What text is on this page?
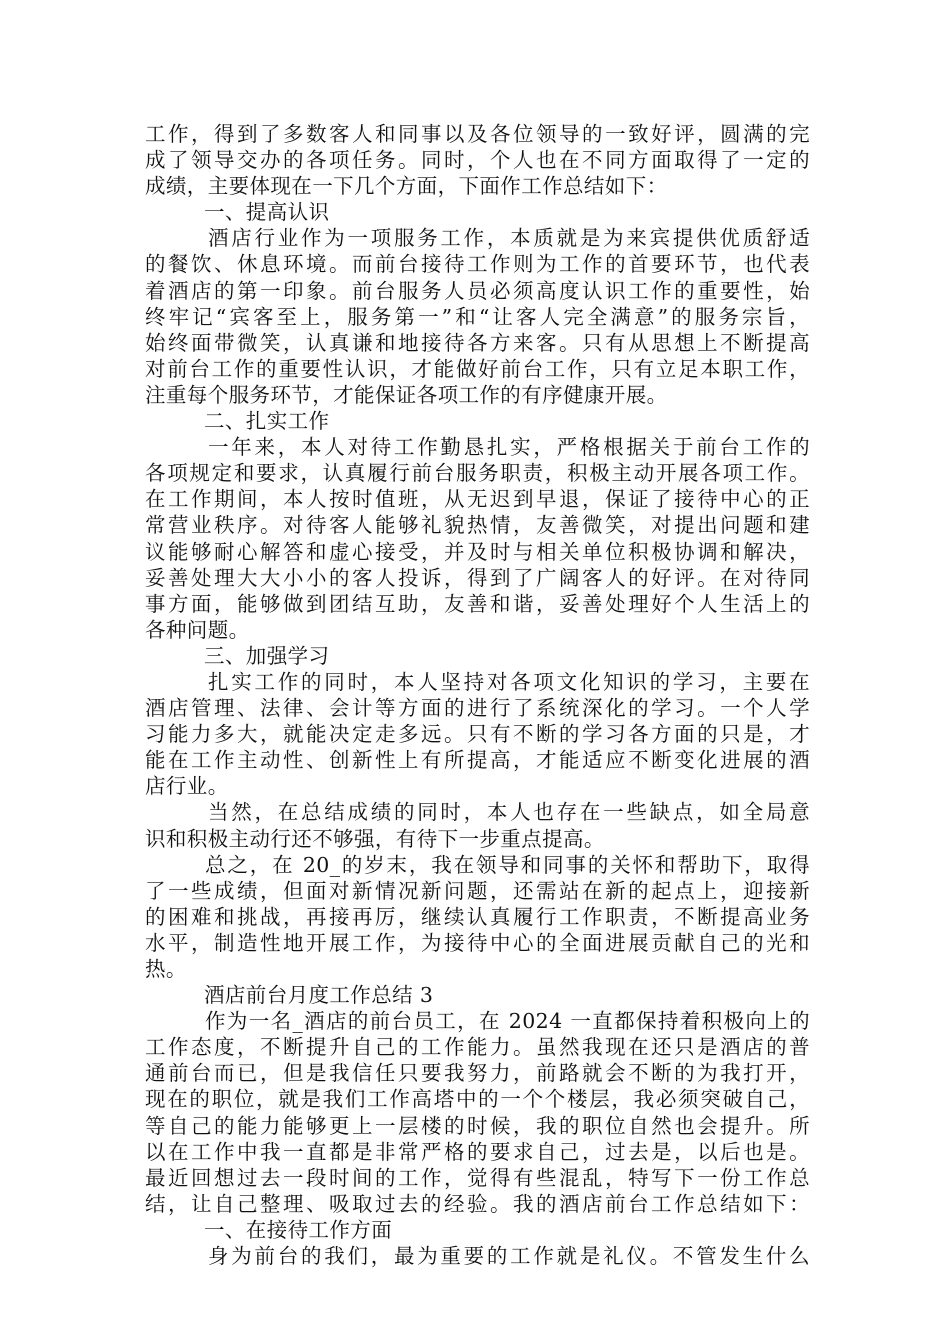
工作，得到了多数客人和同事以及各位领导的一致好评，圆满的完
成了领导交办的各项任务。同时，个人也在不同方面取得了一定的
成绩，主要体现在一下几个方面，下面作工作总结如下：
一、提高认识
酒店行业作为一项服务工作，本质就是为来宾提供优质舒适
的餐饮、休息环境。而前台接待工作则为工作的首要环节，也代表
着酒店的第一印象。前台服务人员必须高度认识工作的重要性，始
终牢记“宾客至上，服务第一”和“让客人完全满意”的服务宗旨，
始终面带微笑，认真谦和地接待各方来客。只有从思想上不断提高
对前台工作的重要性认识，才能做好前台工作，只有立足本职工作，
注重每个服务环节，才能保证各项工作的有序健康开展。
二、扎实工作
一年来，本人对待工作勤恳扎实，严格根据关于前台工作的
各项规定和要求，认真履行前台服务职责，积极主动开展各项工作。
在工作期间，本人按时值班，从无迟到早退，保证了接待中心的正
常营业秩序。对待客人能够礼貌热情，友善微笑，对提出问题和建
议能够耐心解答和虚心接受，并及时与相关单位积极协调和解决，
妥善处理大大小小的客人投诉，得到了广阔客人的好评。在对待同
事方面，能够做到团结互助，友善和谐，妥善处理好个人生活上的
各种问题。
三、加强学习
扎实工作的同时，本人坚持对各项文化知识的学习，主要在
酒店管理、法律、会计等方面的进行了系统深化的学习。一个人学
习能力多大，就能决定走多远。只有不断的学习各方面的只是，才
能在工作主动性、创新性上有所提高，才能适应不断变化进展的酒
店行业。
当然，在总结成绩的同时，本人也存在一些缺点，如全局意
识和积极主动行还不够强，有待下一步重点提高。
总之，在 20_的岁末，我在领导和同事的关怀和帮助下，取得
了一些成绩，但面对新情况新问题，还需站在新的起点上，迎接新
的困难和挑战，再接再厉，继续认真履行工作职责，不断提高业务
水平，制造性地开展工作，为接待中心的全面进展贡献自己的光和
热。
酒店前台月度工作总结 3
作为一名_酒店的前台员工，在 2024 一直都保持着积极向上的
工作态度，不断提升自己的工作能力。虽然我现在还只是酒店的普
通前台而已，但是我信任只要我努力，前路就会不断的为我打开，
现在的职位，就是我们工作高塔中的一个个楼层，我必须突破自己，
等自己的能力能够更上一层楼的时候，我的职位自然也会提升。所
以在工作中我一直都是非常严格的要求自己，过去是，以后也是。
最近回想过去一段时间的工作，觉得有些混乱，特写下一份工作总
结，让自己整理、吸取过去的经验。我的酒店前台工作总结如下：
一、在接待工作方面
身为前台的我们，最为重要的工作就是礼仪。不管发生什么
